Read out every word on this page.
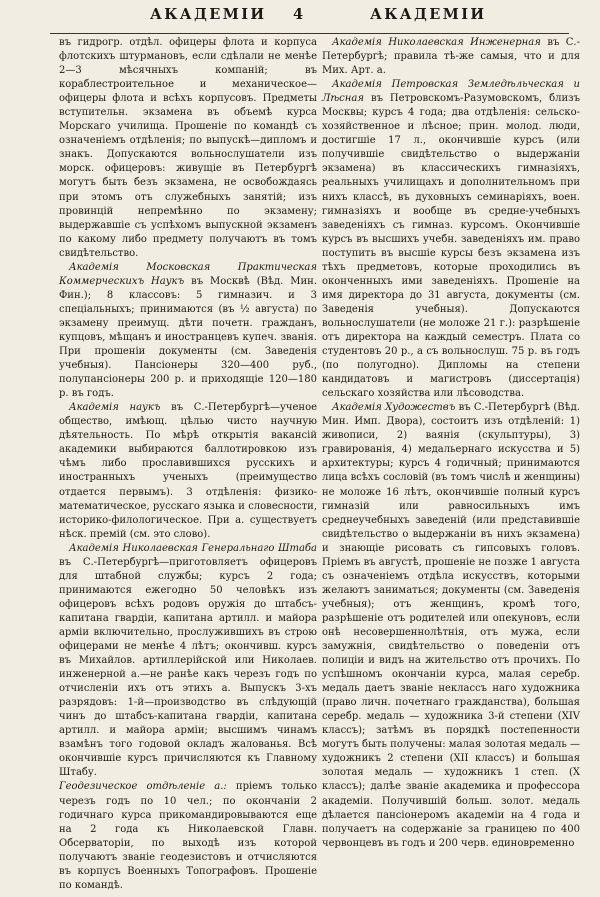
АКАДЕМІИ 4	АКАДЕМІИ

въ гидрогр. отдѣл. офицеры флота и корпуса флотскихъ штурмановъ, если сдѣлали не менѣе 2—3 мѣсячныхъ компаній; въ кораблестроительное и механическое—офицеры флота и всѣхъ корпусовъ. Предметы вступительн. экзамена въ объемѣ курса Морскаго училища. Прошеніе по командѣ съ означеніемъ отдѣленія; по выпускѣ—дипломъ и знакъ. Допускаются вольнослушатели изъ морск. офицеровъ: живущіе въ Петербургѣ могутъ быть безъ экзамена, не освобождаясь при этомъ отъ служебныхъ занятій; изъ провинцій непремѣнно по экзамену; выдержавшіе съ успѣхомъ выпускной экзаменъ по какому либо предмету получаютъ въ томъ свидѣтельство.

Академія Московская Практическая Коммерческихъ Наукъ въ Москвѣ (Вѣд. Мин. Фин.); 8 классовъ: 5 гимназич. и 3 спеціальныхъ; принимаются (въ ½ августа) по экзамену преимущ. дѣти почетн. гражданъ, купцовъ, мѣщанъ и иностранцевъ купеч. званія. При прошеніи документы (см. Заведенія учебныя). Пансіонеры 320—400 руб., полупансіонеры 200 р. и приходящіе 120—180 р. въ годъ.

Академія наукъ въ С.-Петербургѣ—ученое общество, имѣющ. цѣлью чисто научную дѣятельность. По мѣрѣ открытія вакансій академики выбираются баллотировкою изъ чѣмъ либо прославившихся русскихъ и иностранныхъ ученыхъ (преимущество отдается первымъ). 3 отдѣленія: физико-математическое, русскаго языка и словесности, историко-филологическое. При а. существуетъ нѣск. премій (см. это слово).

Академія Николаевская Генеральнаго Штаба въ С.-Петербургѣ—приготовляетъ офицеровъ для штабной службы; курсъ 2 года; принимаются ежегодно 50 человѣкъ изъ офицеровъ всѣхъ родовъ оружія до штабсъ-капитана гвардіи, капитана артилл. и майора арміи включительно, прослужившихъ въ строю офицерами не менѣе 4 лѣтъ; окончивш. курсъ въ Михайлов. артиллерійской или Николаев. инженерной а.—не ранѣе какъ черезъ годъ по отчисленіи ихъ отъ этихъ а. Выпускъ 3-хъ разрядовъ: 1-й—производство въ слѣдующій чинъ до штабсъ-капитана гвардіи, капитана артилл. и майора арміи; высшимъ чинамъ взамѣнъ того годовой окладъ жалованья. Всѣ окончившіе курсъ причисляются къ Главному Штабу.

Геодезическое отдѣленіе а.: пріемъ только черезъ годъ по 10 чел.; по окончаніи 2 годичнаго курса прикомандировываются еще на 2 года къ Николаевской Главн. Обсерваторіи, по выходѣ изъ которой получаютъ званіе геодезистовъ и отчисляются въ корпусъ Военныхъ Топографовъ. Прошеніе по командѣ.

Академія Николаевская Инженерная въ С.-Петербургѣ; правила тѣ-же самыя, что и для Мих. Арт. а.

Академія Петровская Земледѣльческая и Лѣсная въ Петровскомъ-Разумовскомъ, близъ Москвы; курсъ 4 года; два отдѣленія: сельско-хозяйственное и лѣсное; прин. молод. люди, достигшіе 17 л., окончившіе курсъ (или получившіе свидѣтельство о выдержаніи экзамена) въ классическихъ гимназіяхъ, реальныхъ училищахъ и дополнительномъ при нихъ классѣ, въ духовныхъ семинаріяхъ, воен. гимназіяхъ и вообще въ средне-учебныхъ заведеніяхъ съ гимназ. курсомъ. Окончившіе курсъ въ высшихъ учебн. заведеніяхъ им. право поступить въ высшіе курсы безъ экзамена изъ тѣхъ предметовъ, которые проходились въ оконченныхъ ими заведеніяхъ. Прошеніе на имя директора до 31 августа, документы (см. Заведенія учебныя). Допускаются вольнослушатели (не моложе 21 г.): разрѣшеніе отъ директора на каждый семестръ. Плата со студентовъ 20 р., а съ вольнослуш. 75 р. въ годъ (по полугодно). Дипломы на степени кандидатовъ и магистровъ (диссертація) сельскаго хозяйства или лѣсоводства.

Академія Художествъ въ С.-Петербургѣ (Вѣд. Мин. Имп. Двора), состоитъ изъ отдѣленій: 1) живописи, 2) ваянія (скульптуры), 3) гравированія, 4) медальернаго искусства и 5) архитектуры; курсъ 4 годичный; принимаются лица всѣхъ сословій (въ томъ числѣ и женщины) не моложе 16 лѣтъ, окончившіе полный курсъ гимназій или равносильныхъ имъ среднеучебныхъ заведеній (или представившіе свидѣтельство о выдержаніи въ нихъ экзамена) и знающіе рисовать съ гипсовыхъ головъ. Пріемъ въ августѣ, прошеніе не позже 1 августа съ означеніемъ отдѣла искусствъ, которыми желаютъ заниматься; документы (см. Заведенія учебныя); отъ женщинъ, кромѣ того, разрѣшеніе отъ родителей или опекуновъ, если онѣ несовершеннолѣтнія, отъ мужа, если замужнія, свидѣтельство о поведеніи отъ полиціи и видъ на жительство отъ прочихъ. По успѣшномъ окончаніи курса, малая серебр. медаль даетъ званіе неклассъ наго художника (право личн. почетнаго гражданства), большая серебр. медаль — художника 3-й степени (XIV классъ); затѣмъ въ порядкѣ постепенности могутъ быть получены: малая золотая медаль — художникъ 2 степени (XII классъ) и большая золотая медаль — художникъ 1 степ. (X классъ); далѣе званіе академика и профессора академіи. Получившій больш. золот. медаль дѣлается пансіонеромъ академіи на 4 года и получаетъ на содержаніе за границею по 400 червонцевъ въ годъ и 200 черв. единовременно
